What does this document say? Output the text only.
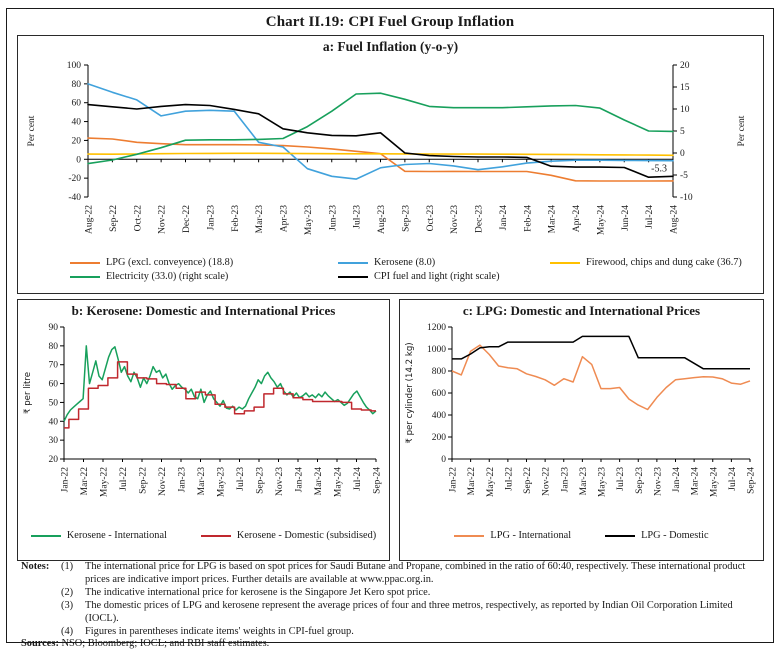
Chart II.19: CPI Fuel Group Inflation
a: Fuel Inflation (y-o-y)
100
80
60
40
20
0
-20
-40
20
15
10
5
0
-5
-10
Per cent	Per cent
Aug-22 Sep-22 Oct-22 Nov-22 Dec-22 Jan-23 Feb-23 Mar-23 Apr-23 May-23 Jun-23 Jul-23 Aug-23 Sep-23 Oct-23 Nov-23 Dec-23 Jan-24 Feb-24 Mar-24 Apr-24 May-24 Jun-24 Jul-24 Aug-24
-5.3
LPG (excl. conveyence) (18.8)	Kerosene (8.0)	Firewood, chips and dung cake (36.7)
Electricity (33.0) (right scale)	CPI fuel and light (right scale)
b: Kerosene: Domestic and International Prices
90
80
70
60
50
40
30
20
₹ per litre
Jan-22 Mar-22 May-22 Jul-22 Sep-22 Nov-22 Jan-23 Mar-23 May-23 Jul-23 Sep-23 Nov-23 Jan-24 Mar-24 May-24 Jul-24 Sep-24
Kerosene - International	Kerosene - Domestic (subsidised)
c: LPG: Domestic and International Prices
1200
1000
800
600
400
200
0
₹ per cylinder (14.2 kg)
Jan-22 Mar-22 May-22 Jul-22 Sep-22 Nov-22 Jan-23 Mar-23 May-23 Jul-23 Sep-23 Nov-23 Jan-24 Mar-24 May-24 Jul-24 Sep-24
LPG - International	LPG - Domestic
Notes:	(1)	The international price for LPG is based on spot prices for Saudi Butane and Propane, combined in the ratio of 60:40, respectively. These international product prices are indicative import prices. Further details are available at www.ppac.org.in.
(2)	The indicative international price for kerosene is the Singapore Jet Kero spot price.
(3)	The domestic prices of LPG and kerosene represent the average prices of four and three metros, respectively, as reported by Indian Oil Corporation Limited (IOCL).
(4)	Figures in parentheses indicate items' weights in CPI-fuel group.
Sources: NSO; Bloomberg; IOCL; and RBI staff estimates.
